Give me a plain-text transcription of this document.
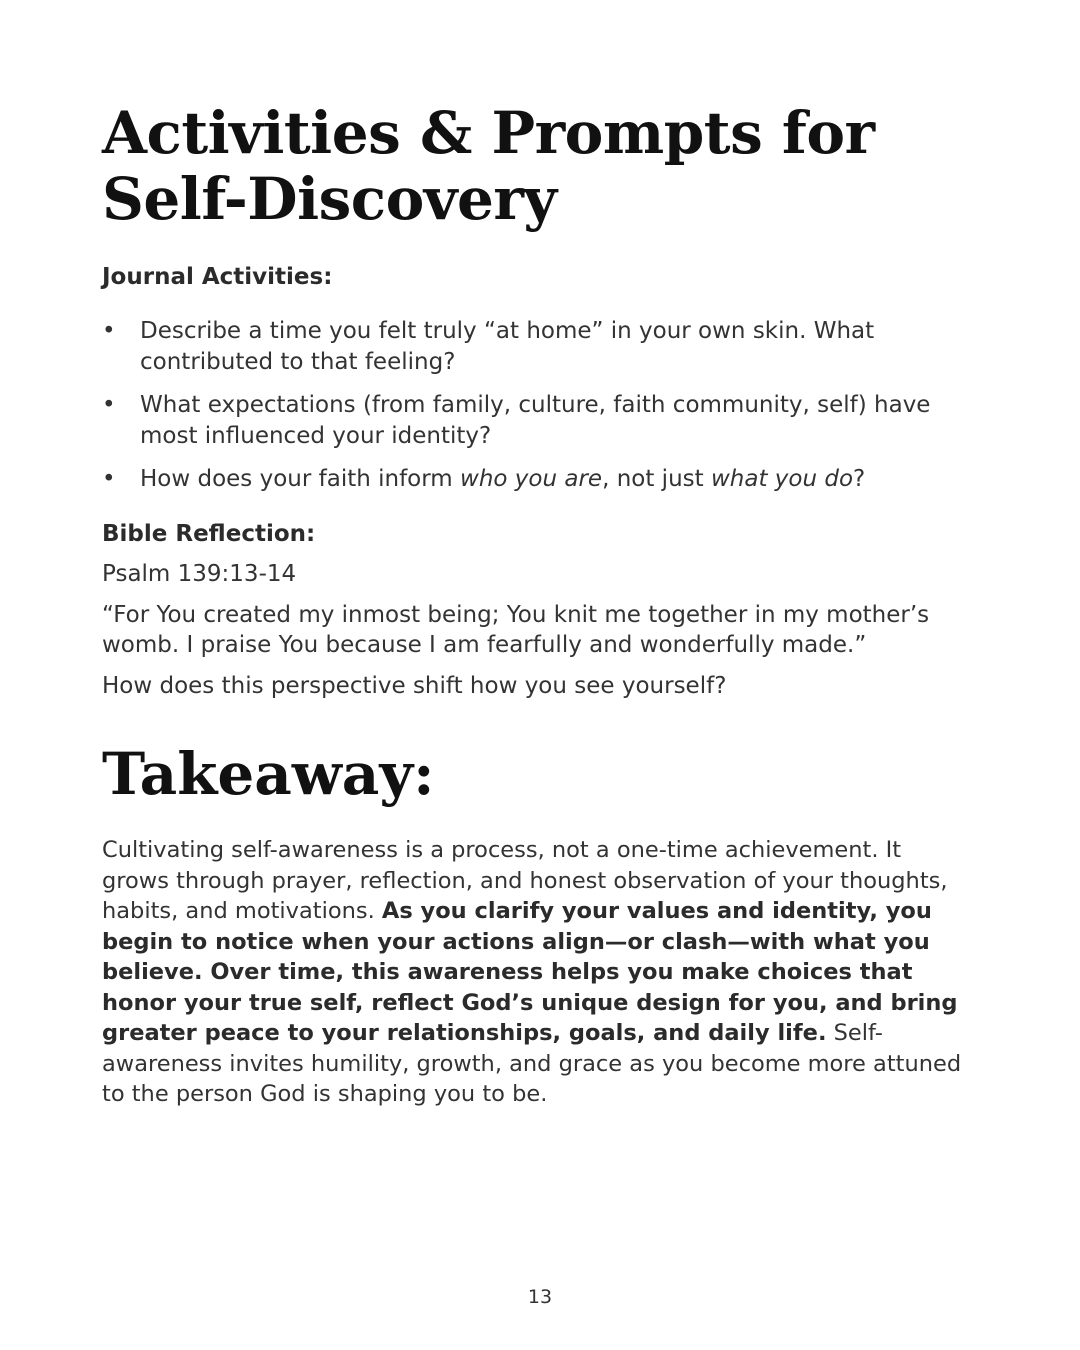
Activities & Prompts for Self-Discovery
Journal Activities:
• Describe a time you felt truly “at home” in your own skin. What contributed to that feeling?
• What expectations (from family, culture, faith community, self) have most influenced your identity?
• How does your faith inform who you are, not just what you do?
Bible Reflection:

Psalm 139:13-14

“For You created my inmost being; You knit me together in my mother’s womb. I praise You because I am fearfully and wonderfully made.”

How does this perspective shift how you see yourself?

Takeaway:

Cultivating self-awareness is a process, not a one-time achievement. It grows through prayer, reflection, and honest observation of your thoughts, habits, and motivations. As you clarify your values and identity, you begin to notice when your actions align—or clash—with what you believe. Over time, this awareness helps you make choices that honor your true self, reflect God’s unique design for you, and bring greater peace to your relationships, goals, and daily life. Self-awareness invites humility, growth, and grace as you become more attuned to the person God is shaping you to be.

13
